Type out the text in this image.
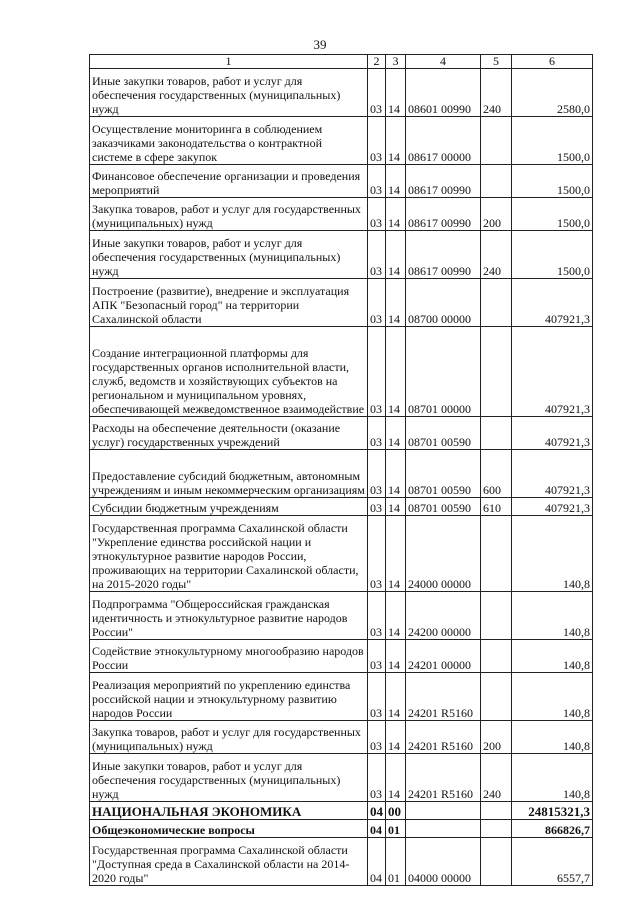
39
1	2	3	4	5	6
Иные закупки товаров, работ и услуг для обеспечения государственных (муниципальных) нужд	03	14	08601 00990	240	2580,0
Осуществление мониторинга в соблюдением заказчиками законодательства о контрактной системе в сфере закупок	03	14	08617 00000		1500,0
Финансовое обеспечение организации и проведения мероприятий	03	14	08617 00990		1500,0
Закупка товаров, работ и услуг для государственных (муниципальных) нужд	03	14	08617 00990	200	1500,0
Иные закупки товаров, работ и услуг для обеспечения государственных (муниципальных) нужд	03	14	08617 00990	240	1500,0
Построение (развитие), внедрение и эксплуатация АПК "Безопасный город" на территории Сахалинской области	03	14	08700 00000		407921,3
Создание интеграционной платформы для государственных органов исполнительной власти, служб, ведомств и хозяйствующих субъектов на региональном и муниципальном уровнях, обеспечивающей межведомственное взаимодействие	03	14	08701 00000		407921,3
Расходы на обеспечение деятельности (оказание услуг) государственных учреждений	03	14	08701 00590		407921,3
Предоставление субсидий бюджетным, автономным учреждениям и иным некоммерческим организациям	03	14	08701 00590	600	407921,3
Субсидии бюджетным учреждениям	03	14	08701 00590	610	407921,3
Государственная программа Сахалинской области "Укрепление единства российской нации и этнокультурное развитие народов России, проживающих на территории Сахалинской области, на 2015-2020 годы"	03	14	24000 00000		140,8
Подпрограмма "Общероссийская гражданская идентичность и этнокультурное развитие народов России"	03	14	24200 00000		140,8
Содействие этнокультурному многообразию народов России	03	14	24201 00000		140,8
Реализация мероприятий по укреплению единства российской нации и этнокультурному развитию народов России	03	14	24201 R5160		140,8
Закупка товаров, работ и услуг для государственных (муниципальных) нужд	03	14	24201 R5160	200	140,8
Иные закупки товаров, работ и услуг для обеспечения государственных (муниципальных) нужд	03	14	24201 R5160	240	140,8
НАЦИОНАЛЬНАЯ ЭКОНОМИКА	04	00			24815321,3
Общеэкономические вопросы	04	01			866826,7
Государственная программа Сахалинской области "Доступная среда в Сахалинской области на 2014-2020 годы"	04	01	04000 00000		6557,7
